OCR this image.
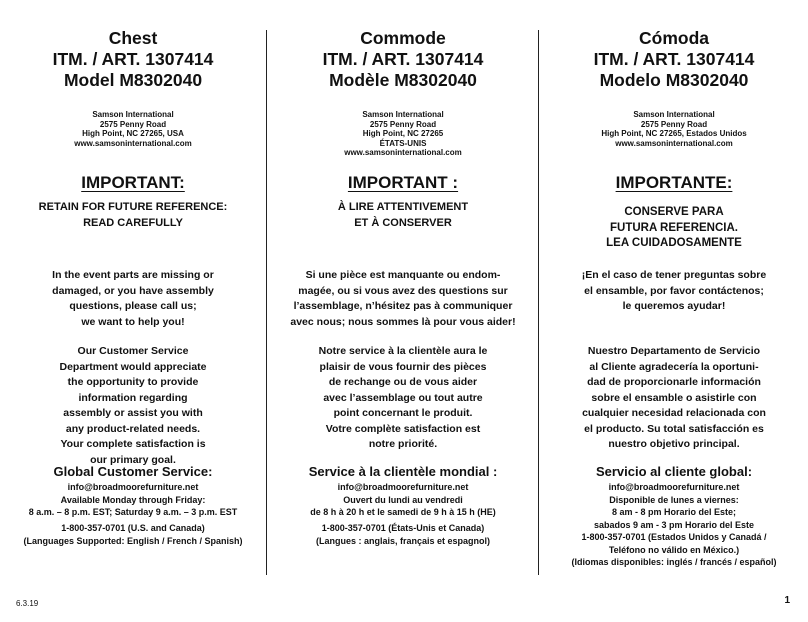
Chest
ITM. / ART. 1307414
Model M8302040
Samson International
2575 Penny Road
High Point, NC 27265, USA
www.samsoninternational.com
IMPORTANT:
RETAIN FOR FUTURE REFERENCE:
READ CAREFULLY
In the event parts are missing or
damaged, or you have assembly
questions, please call us;
we want to help you!
Our Customer Service
Department would appreciate
the opportunity to provide
information regarding
assembly or assist you with
any product-related needs.
Your complete satisfaction is
our primary goal.
Global Customer Service:
info@broadmoorefurniture.net
Available Monday through Friday:
8 a.m. – 8 p.m. EST; Saturday 9 a.m. – 3 p.m. EST
1-800-357-0701 (U.S. and Canada)
(Languages Supported: English / French / Spanish)
Commode
ITM. / ART. 1307414
Modèle M8302040
Samson International
2575 Penny Road
High Point, NC 27265
ÉTATS-UNIS
www.samsoninternational.com
IMPORTANT :
À LIRE ATTENTIVEMENT
ET À CONSERVER
Si une pièce est manquante ou endom-
magée, ou si vous avez des questions sur
l’assemblage, n’hésitez pas à communiquer
avec nous; nous sommes là pour vous aider!
Notre service à la clientèle aura le
plaisir de vous fournir des pièces
de rechange ou de vous aider
avec l’assemblage ou tout autre
point concernant le produit.
Votre complète satisfaction est
notre priorité.
Service à la clientèle mondial :
info@broadmoorefurniture.net
Ouvert du lundi au vendredi
de 8 h à 20 h et le samedi de 9 h à 15 h (HE)
1-800-357-0701 (États-Unis et Canada)
(Langues : anglais, français et espagnol)
Cómoda
ITM. / ART. 1307414
Modelo M8302040
Samson International
2575 Penny Road
High Point, NC 27265, Estados Unidos
www.samsoninternational.com
IMPORTANTE:
CONSERVE PARA
FUTURA REFERENCIA.
LEA CUIDADOSAMENTE
¡En el caso de tener preguntas sobre
el ensamble, por favor contáctenos;
le queremos ayudar!
Nuestro Departamento de Servicio
al Cliente agradecería la oportuni-
dad de proporcionarle información
sobre el ensamble o asistirle con
cualquier necesidad relacionada con
el producto. Su total satisfacción es
nuestro objetivo principal.
Servicio al cliente global:
info@broadmoorefurniture.net
Disponible de lunes a viernes:
8 am - 8 pm Horario del Este;
sabados 9 am - 3 pm Horario del Este
1-800-357-0701 (Estados Unidos y Canadá /
Teléfono no válido en México.)
(Idiomas disponibles: inglés / francés / español)
6.3.19	1
